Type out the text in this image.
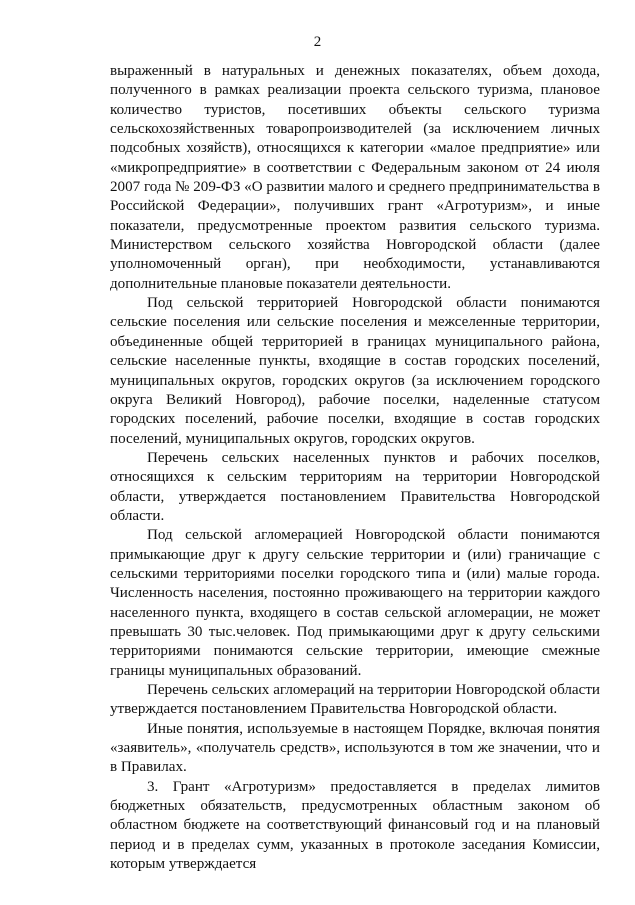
2

выраженный в натуральных и денежных показателях, объем дохода, полученного в рамках реализации проекта сельского туризма, плановое количество туристов, посетивших объекты сельского туризма сельскохозяйственных товаропроизводителей (за исключением личных подсобных хозяйств), относящихся к категории «малое предприятие» или «микропредприятие» в соответствии с Федеральным законом от 24 июля 2007 года № 209-ФЗ «О развитии малого и среднего предпринимательства в Российской Федерации», получивших грант «Агротуризм», и иные показатели, предусмотренные проектом развития сельского туризма. Министерством сельского хозяйства Новгородской области (далее уполномоченный орган), при необходимости, устанавливаются дополнительные плановые показатели деятельности.

Под сельской территорией Новгородской области понимаются сельские поселения или сельские поселения и межселенные территории, объединенные общей территорией в границах муниципального района, сельские населенные пункты, входящие в состав городских поселений, муниципальных округов, городских округов (за исключением городского округа Великий Новгород), рабочие поселки, наделенные статусом городских поселений, рабочие поселки, входящие в состав городских поселений, муниципальных округов, городских округов.

Перечень сельских населенных пунктов и рабочих поселков, относящихся к сельским территориям на территории Новгородской области, утверждается постановлением Правительства Новгородской области.

Под сельской агломерацией Новгородской области понимаются примыкающие друг к другу сельские территории и (или) граничащие с сельскими территориями поселки городского типа и (или) малые города. Численность населения, постоянно проживающего на территории каждого населенного пункта, входящего в состав сельской агломерации, не может превышать 30 тыс.человек. Под примыкающими друг к другу сельскими территориями понимаются сельские территории, имеющие смежные границы муниципальных образований.

Перечень сельских агломераций на территории Новгородской области утверждается постановлением Правительства Новгородской области.

Иные понятия, используемые в настоящем Порядке, включая понятия «заявитель», «получатель средств», используются в том же значении, что и в Правилах.

3. Грант «Агротуризм» предоставляется в пределах лимитов бюджетных обязательств, предусмотренных областным законом об областном бюджете на соответствующий финансовый год и на плановый период и в пределах сумм, указанных в протоколе заседания Комиссии, которым утверждается
